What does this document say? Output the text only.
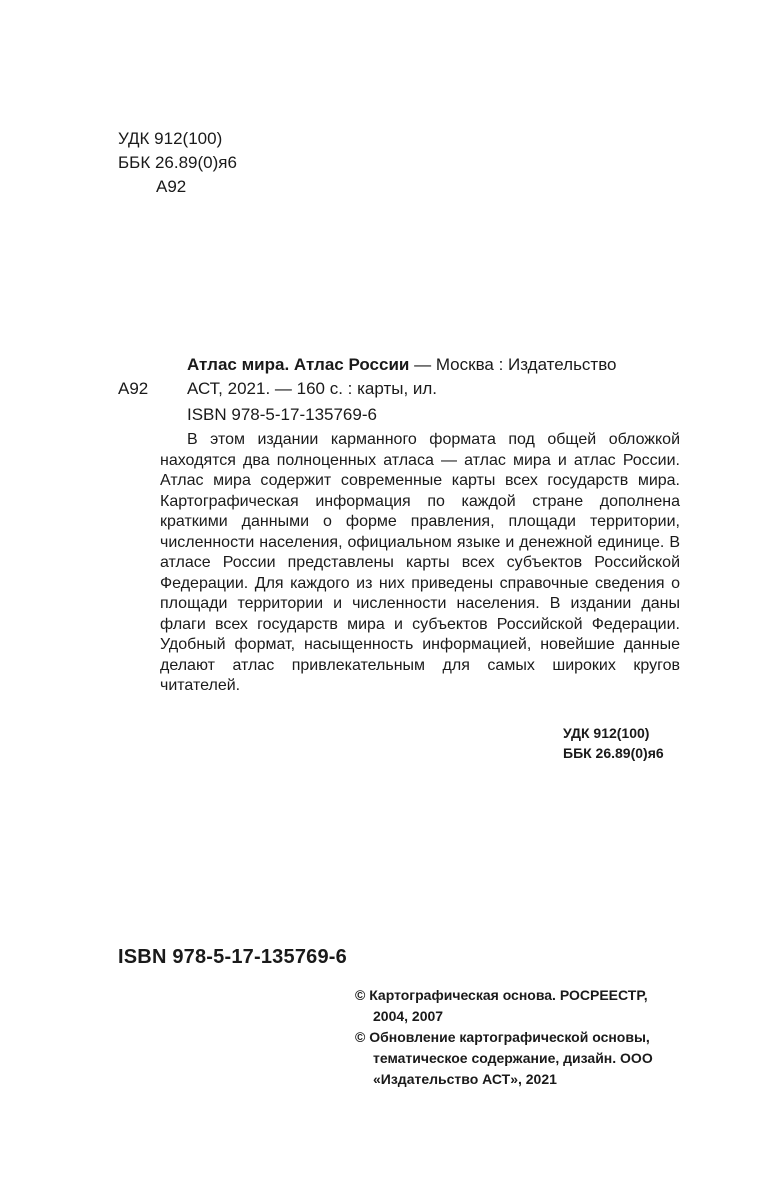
УДК 912(100)
ББК 26.89(0)я6
А92
Атлас мира. Атлас России — Москва : Издательство
АСТ, 2021. — 160 с. : карты, ил.
А92
ISBN 978-5-17-135769-6

В этом издании карманного формата под общей обложкой находятся два полноценных атласа — атлас мира и атлас России. Атлас мира содержит современные карты всех государств мира. Картографическая информация по каждой стране дополнена краткими данными о форме правления, площади территории, численности населения, официальном языке и денежной единице. В атласе России представлены карты всех субъектов Российской Федерации. Для каждого из них приведены справочные сведения о площади территории и численности населения. В издании даны флаги всех государств мира и субъектов Российской Федерации. Удобный формат, насыщенность информацией, новейшие данные делают атлас привлекательным для самых широких кругов читателей.

УДК 912(100)
ББК 26.89(0)я6
ISBN 978-5-17-135769-6

© Картографическая основа. РОСРЕЕСТР, 2004, 2007

© Обновление картографической основы, тематическое содержание, дизайн. ООО «Издательство АСТ», 2021
